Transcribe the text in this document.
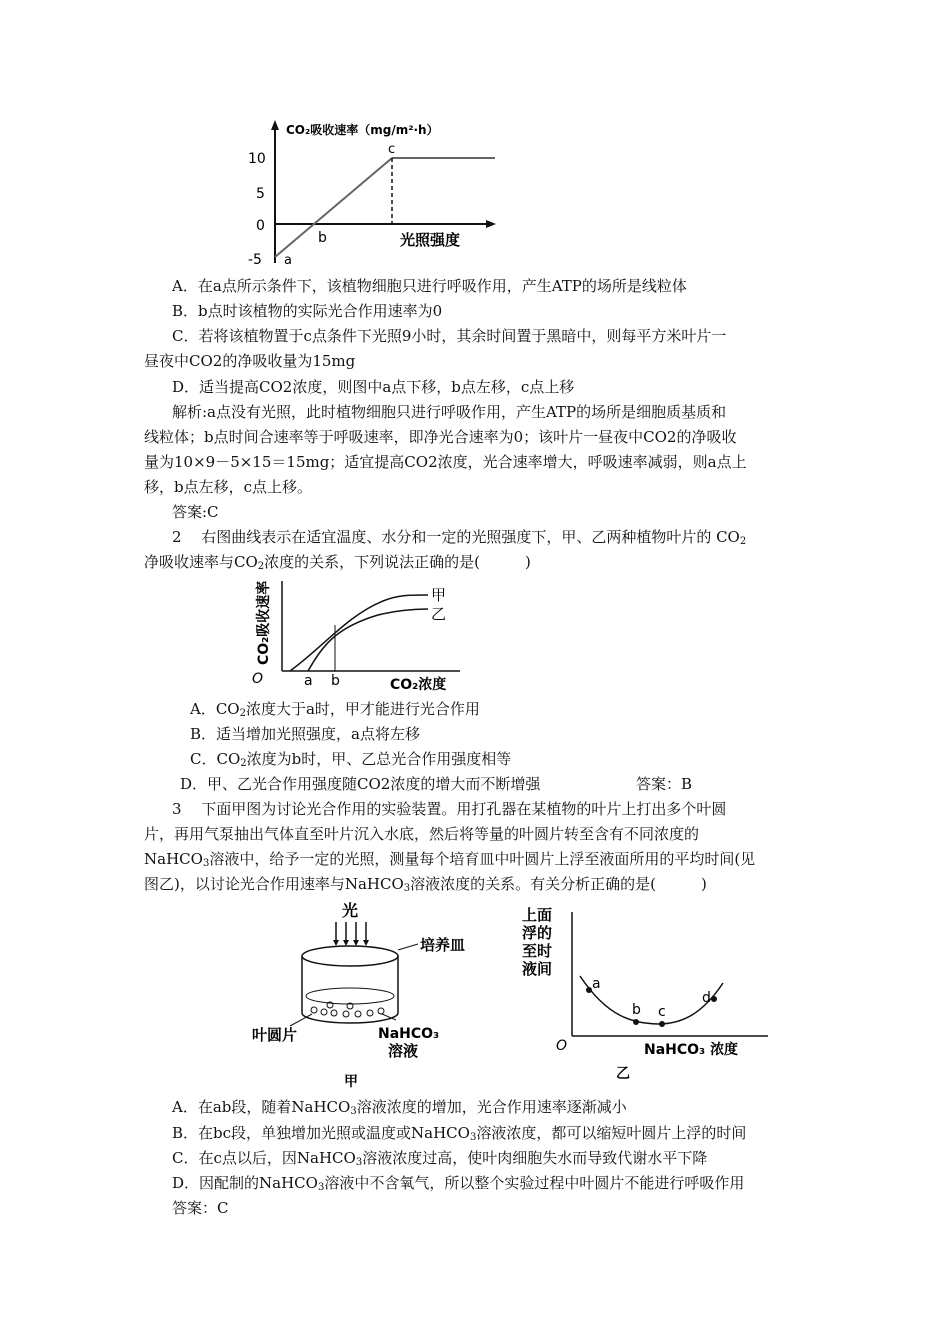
CO₂吸收速率（mg/m²·h）
10
5
0
-5 a
b
c
光照强度
A．在a点所示条件下，该植物细胞只进行呼吸作用，产生ATP的场所是线粒体
B．b点时该植物的实际光合作用速率为0
C．若将该植物置于c点条件下光照9小时，其余时间置于黑暗中，则每平方米叶片一
昼夜中CO2的净吸收量为15mg
D．适当提高CO2浓度，则图中a点下移，b点左移，c点上移
解析:a点没有光照，此时植物细胞只进行呼吸作用，产生ATP的场所是细胞质基质和
线粒体；b点时间合速率等于呼吸速率，即净光合速率为0；该叶片一昼夜中CO2的净吸收
量为10×9－5×15＝15mg；适宜提高CO2浓度，光合速率增大，呼吸速率减弱，则a点上
移，b点左移，c点上移。
答案:C
2　 右图曲线表示在适宜温度、水分和一定的光照强度下，甲、乙两种植物叶片的 $CO_2$
净吸收速率与$CO_2$浓度的关系，下列说法正确的是(　　　)
CO₂吸收速率
O
甲
乙
a b	CO₂浓度
A．$CO_2$浓度大于a时，甲才能进行光合作用
B．适当增加光照强度，a点将左移
C．$CO_2$浓度为b时，甲、乙总光合作用强度相等
D．甲、乙光合作用强度随CO2浓度的增大而不断增强	答案：B
3　 下面甲图为讨论光合作用的实验装置。用打孔器在某植物的叶片上打出多个叶圆
片，再用气泵抽出气体直至叶片沉入水底，然后将等量的叶圆片转至含有不同浓度的
NaHCO$_3$溶液中，给予一定的光照，测量每个培育皿中叶圆片上浮至液面所用的平均时间(见
图乙)，以讨论光合作用速率与NaHCO$_3$溶液浓度的关系。有关分析正确的是(　　　)
光
培养皿
叶圆片	NaHCO₃
溶液
甲
上面
浮的
至时
液间
O
a
b c
d
NaHCO₃ 浓度
乙
A．在ab段，随着NaHCO$_3$溶液浓度的增加，光合作用速率逐渐减小
B．在bc段，单独增加光照或温度或NaHCO$_3$溶液浓度，都可以缩短叶圆片上浮的时间
C．在c点以后，因NaHCO$_3$溶液浓度过高，使叶肉细胞失水而导致代谢水平下降
D．因配制的NaHCO$_3$溶液中不含氧气，所以整个实验过程中叶圆片不能进行呼吸作用
答案：C
